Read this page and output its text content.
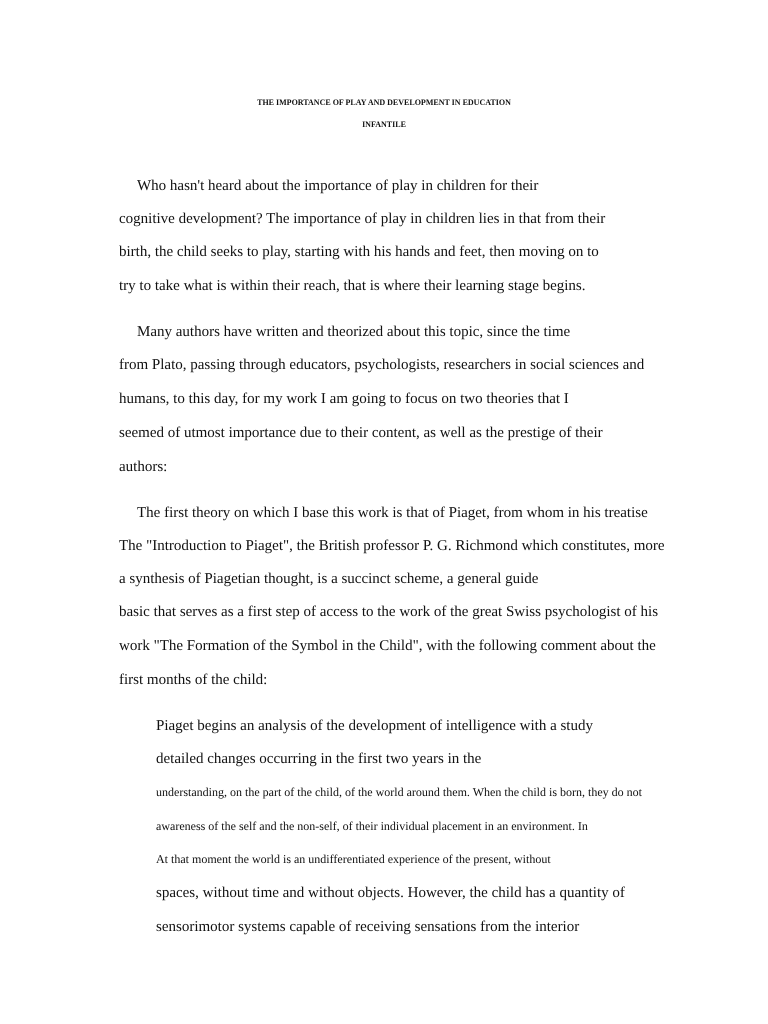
THE IMPORTANCE OF PLAY AND DEVELOPMENT IN EDUCATION
INFANTILE
Who hasn't heard about the importance of play in children for their
cognitive development? The importance of play in children lies in that from their
birth, the child seeks to play, starting with his hands and feet, then moving on to
try to take what is within their reach, that is where their learning stage begins.
Many authors have written and theorized about this topic, since the time
from Plato, passing through educators, psychologists, researchers in social sciences and
humans, to this day, for my work I am going to focus on two theories that I
seemed of utmost importance due to their content, as well as the prestige of their
authors:
The first theory on which I base this work is that of Piaget, from whom in his treatise
The "Introduction to Piaget", the British professor P. G. Richmond which constitutes, more
a synthesis of Piagetian thought, is a succinct scheme, a general guide
basic that serves as a first step of access to the work of the great Swiss psychologist of his
work "The Formation of the Symbol in the Child", with the following comment about the
first months of the child:
Piaget begins an analysis of the development of intelligence with a study
detailed changes occurring in the first two years in the
understanding, on the part of the child, of the world around them. When the child is born, they do not
awareness of the self and the non-self, of their individual placement in an environment. In
At that moment the world is an undifferentiated experience of the present, without
spaces, without time and without objects. However, the child has a quantity of
sensorimotor systems capable of receiving sensations from the interior
